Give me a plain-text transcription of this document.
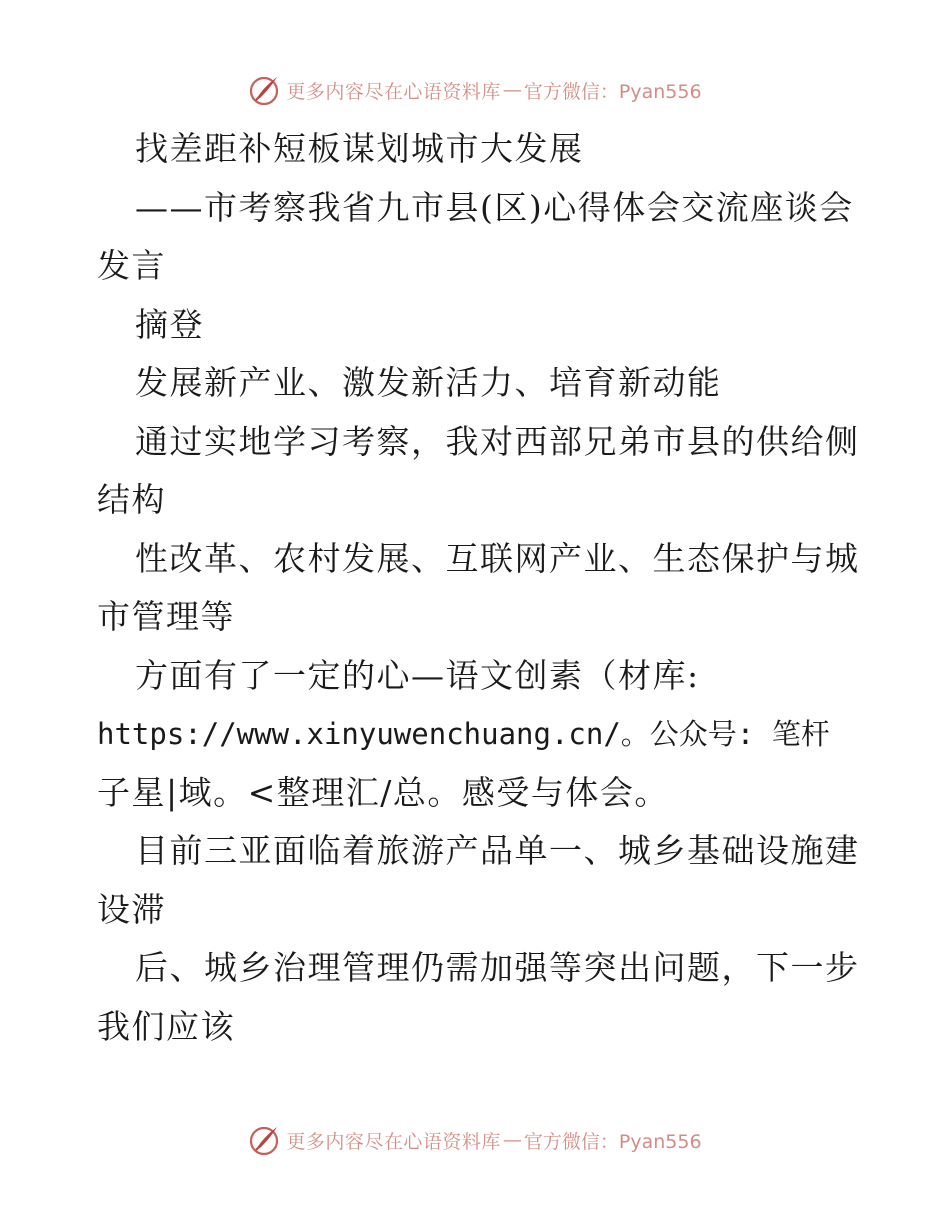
更多内容尽在心语资料库 — 官方微信：Pyan556
找差距补短板谋划城市大发展
——市考察我省九市县(区)心得体会交流座谈会
发言
摘登
发展新产业、激发新活力、培育新动能
通过实地学习考察，我对西部兄弟市县的供给侧
结构
性改革、农村发展、互联网产业、生态保护与城
市管理等
方面有了一定的心—语文创素（材库:
https://www.xinyuwenchuang.cn/。公众号: 笔杆
子星|域。<整理汇/总。感受与体会。
目前三亚面临着旅游产品单一、城乡基础设施建
设滞
后、城乡治理管理仍需加强等突出问题，下一步
我们应该
更多内容尽在心语资料库 — 官方微信：Pyan556
